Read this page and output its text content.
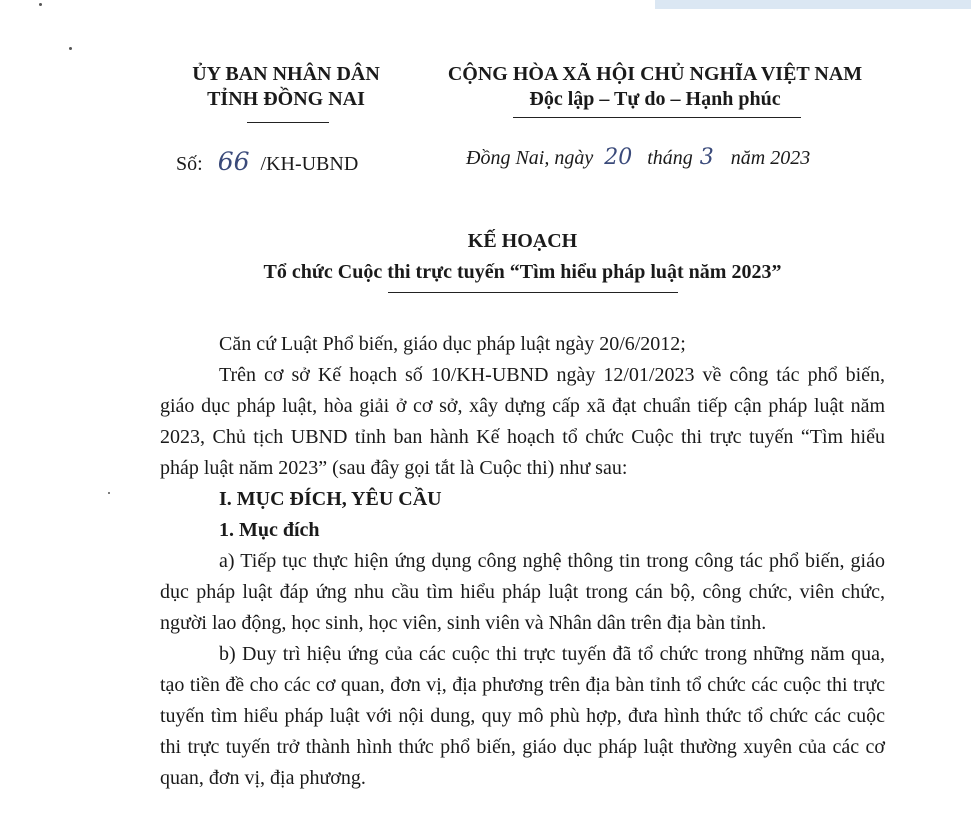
ỦY BAN NHÂN DÂN
TỈNH ĐỒNG NAI
CỘNG HÒA XÃ HỘI CHỦ NGHĨA VIỆT NAM
Độc lập – Tự do – Hạnh phúc
Số: 66 /KH-UBND	Đồng Nai, ngày 20 tháng 3 năm 2023
KẾ HOẠCH
Tổ chức Cuộc thi trực tuyến “Tìm hiểu pháp luật năm 2023”

Căn cứ Luật Phổ biến, giáo dục pháp luật ngày 20/6/2012;

Trên cơ sở Kế hoạch số 10/KH-UBND ngày 12/01/2023 về công tác phổ biến, giáo dục pháp luật, hòa giải ở cơ sở, xây dựng cấp xã đạt chuẩn tiếp cận pháp luật năm 2023, Chủ tịch UBND tỉnh ban hành Kế hoạch tổ chức Cuộc thi trực tuyến “Tìm hiểu pháp luật năm 2023” (sau đây gọi tắt là Cuộc thi) như sau:

I. MỤC ĐÍCH, YÊU CẦU

1. Mục đích

a) Tiếp tục thực hiện ứng dụng công nghệ thông tin trong công tác phổ biến, giáo dục pháp luật đáp ứng nhu cầu tìm hiểu pháp luật trong cán bộ, công chức, viên chức, người lao động, học sinh, học viên, sinh viên và Nhân dân trên địa bàn tỉnh.

b) Duy trì hiệu ứng của các cuộc thi trực tuyến đã tổ chức trong những năm qua, tạo tiền đề cho các cơ quan, đơn vị, địa phương trên địa bàn tỉnh tổ chức các cuộc thi trực tuyến tìm hiểu pháp luật với nội dung, quy mô phù hợp, đưa hình thức tổ chức các cuộc thi trực tuyến trở thành hình thức phổ biến, giáo dục pháp luật thường xuyên của các cơ quan, đơn vị, địa phương.
